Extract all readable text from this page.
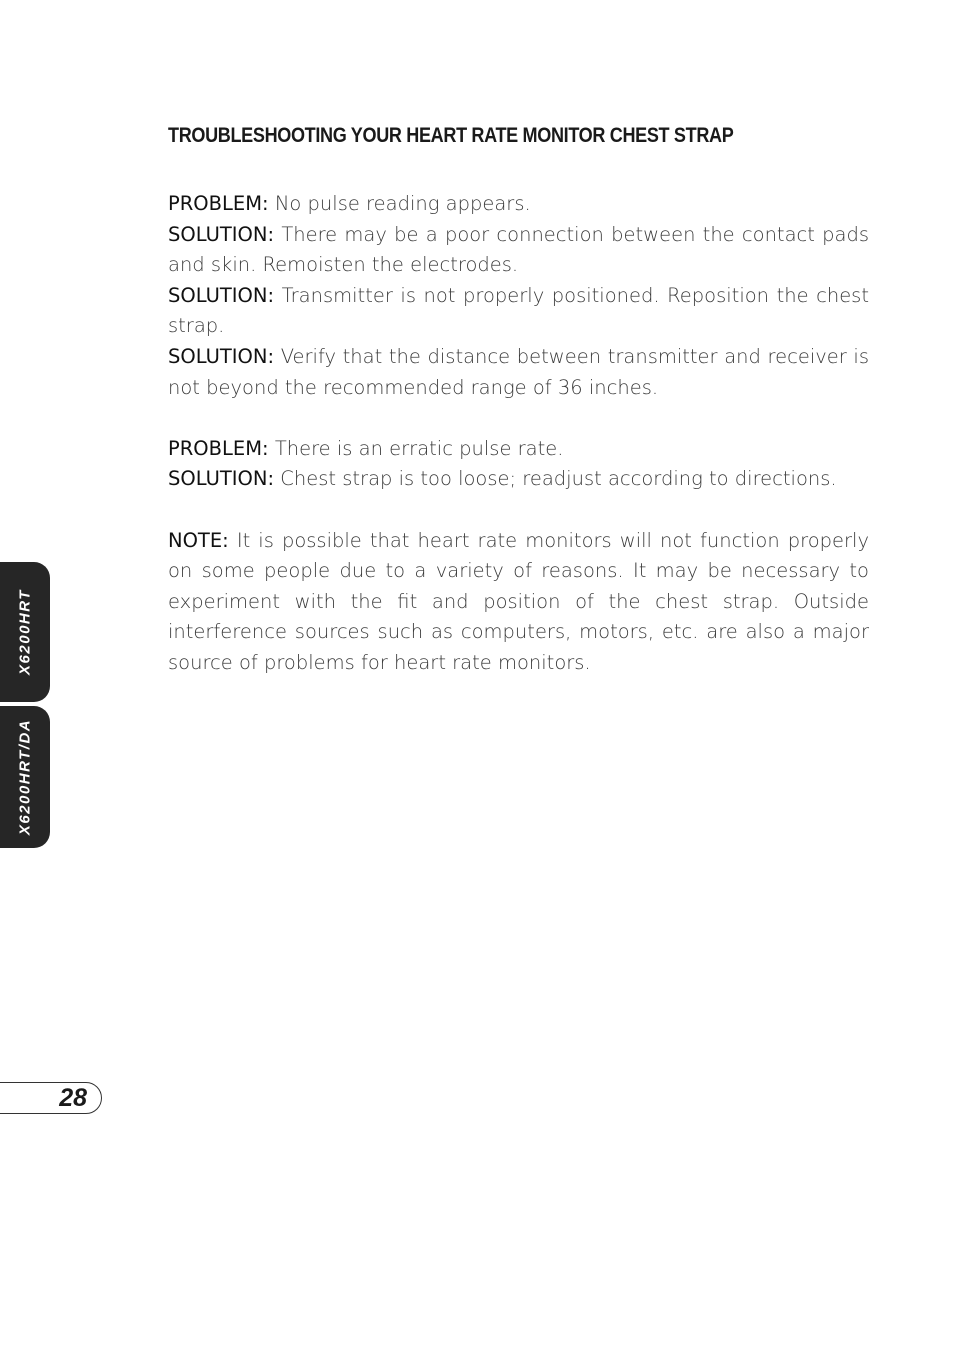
TROUBLESHOOTING YOUR HEART RATE MONITOR CHEST STRAP

PROBLEM: No pulse reading appears.

SOLUTION: There may be a poor connection between the contact pads and skin. Remoisten the electrodes.

SOLUTION: Transmitter is not properly positioned. Reposition the chest strap.

SOLUTION: Verify that the distance between transmitter and receiver is not beyond the recommended range of 36 inches.

PROBLEM: There is an erratic pulse rate.

SOLUTION: Chest strap is too loose; readjust according to directions.

NOTE: It is possible that heart rate monitors will not function properly on some people due to a variety of reasons. It may be necessary to experiment with the fit and position of the chest strap. Outside interference sources such as computers, motors, etc. are also a major source of problems for heart rate monitors.

X6200HRT
X6200HRT/DA
28
